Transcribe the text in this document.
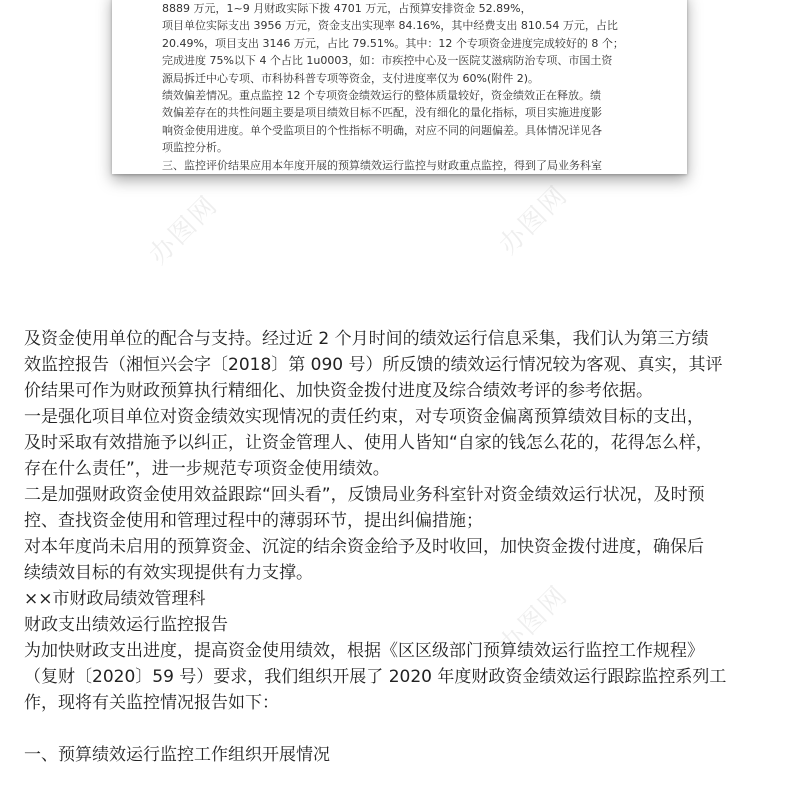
8889 万元，1~9 月财政实际下拨 4701 万元，占预算安排资金 52.89%，
项目单位实际支出 3956 万元，资金支出实现率 84.16%，其中经费支出 810.54 万元，占比
20.49%，项目支出 3146 万元，占比 79.51%。其中：12 个专项资金进度完成较好的 8 个；
完成进度 75%以下 4 个占比 1u0003，如：市疾控中心及一医院艾滋病防治专项、市国土资
源局拆迁中心专项、市科协科普专项等资金，支付进度率仅为 60%(附件 2)。
绩效偏差情况。重点监控 12 个专项资金绩效运行的整体质量较好，资金绩效正在释放。绩
效偏差存在的共性问题主要是项目绩效目标不匹配，没有细化的量化指标，项目实施进度影
响资金使用进度。单个受监项目的个性指标不明确，对应不同的问题偏差。具体情况详见各
项监控分析。
三、监控评价结果应用本年度开展的预算绩效运行监控与财政重点监控，得到了局业务科室
办图网
及资金使用单位的配合与支持。经过近 2 个月时间的绩效运行信息采集，我们认为第三方绩
效监控报告（湘恒兴会字〔2018〕第 090 号）所反馈的绩效运行情况较为客观、真实，其评
价结果可作为财政预算执行精细化、加快资金拨付进度及综合绩效考评的参考依据。
一是强化项目单位对资金绩效实现情况的责任约束，对专项资金偏离预算绩效目标的支出，
及时采取有效措施予以纠正，让资金管理人、使用人皆知“自家的钱怎么花的，花得怎么样，
存在什么责任”，进一步规范专项资金使用绩效。
二是加强财政资金使用效益跟踪“回头看”，反馈局业务科室针对资金绩效运行状况，及时预
控、查找资金使用和管理过程中的薄弱环节，提出纠偏措施；
对本年度尚未启用的预算资金、沉淀的结余资金给予及时收回，加快资金拨付进度，确保后
续绩效目标的有效实现提供有力支撑。
××市财政局绩效管理科
财政支出绩效运行监控报告
为加快财政支出进度，提高资金使用绩效，根据《区区级部门预算绩效运行监控工作规程》
（复财〔2020〕59 号）要求，我们组织开展了 2020 年度财政资金绩效运行跟踪监控系列工
作，现将有关监控情况报告如下：
一、预算绩效运行监控工作组织开展情况
